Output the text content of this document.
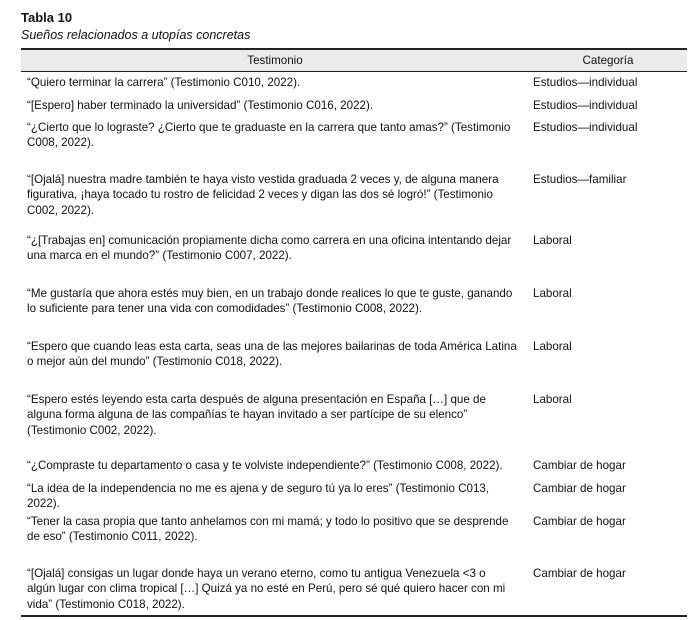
Tabla 10
Sueños relacionados a utopías concretas
Testimonio	Categoría
“Quiero terminar la carrera” (Testimonio C010, 2022).	Estudios—individual
“[Espero] haber terminado la universidad” (Testimonio C016, 2022).	Estudios—individual
“¿Cierto que lo lograste? ¿Cierto que te graduaste en la carrera que tanto amas?” (Testimonio C008, 2022).	Estudios—individual
“[Ojalá] nuestra madre también te haya visto vestida graduada 2 veces y, de alguna manera figurativa, ¡haya tocado tu rostro de felicidad 2 veces y digan las dos sé logró!” (Testimonio C002, 2022).	Estudios—familiar
“¿[Trabajas en] comunicación propiamente dicha como carrera en una oficina intentando dejar una marca en el mundo?” (Testimonio C007, 2022).	Laboral
“Me gustaría que ahora estés muy bien, en un trabajo donde realices lo que te guste, ganando lo suficiente para tener una vida con comodidades” (Testimonio C008, 2022).	Laboral
“Espero que cuando leas esta carta, seas una de las mejores bailarinas de toda América Latina o mejor aún del mundo” (Testimonio C018, 2022).	Laboral
“Espero estés leyendo esta carta después de alguna presentación en España […] que de alguna forma alguna de las compañías te hayan invitado a ser partícipe de su elenco” (Testimonio C002, 2022).	Laboral
“¿Compraste tu departamento o casa y te volviste independiente?” (Testimonio C008, 2022).	Cambiar de hogar
“La idea de la independencia no me es ajena y de seguro tú ya lo eres” (Testimonio C013, 2022).	Cambiar de hogar
“Tener la casa propia que tanto anhelamos con mi mamá; y todo lo positivo que se desprende de eso” (Testimonio C011, 2022).	Cambiar de hogar
“[Ojalá] consigas un lugar donde haya un verano eterno, como tu antigua Venezuela <3 o algún lugar con clima tropical […] Quizá ya no esté en Perú, pero sé qué quiero hacer con mi vida” (Testimonio C018, 2022).	Cambiar de hogar
